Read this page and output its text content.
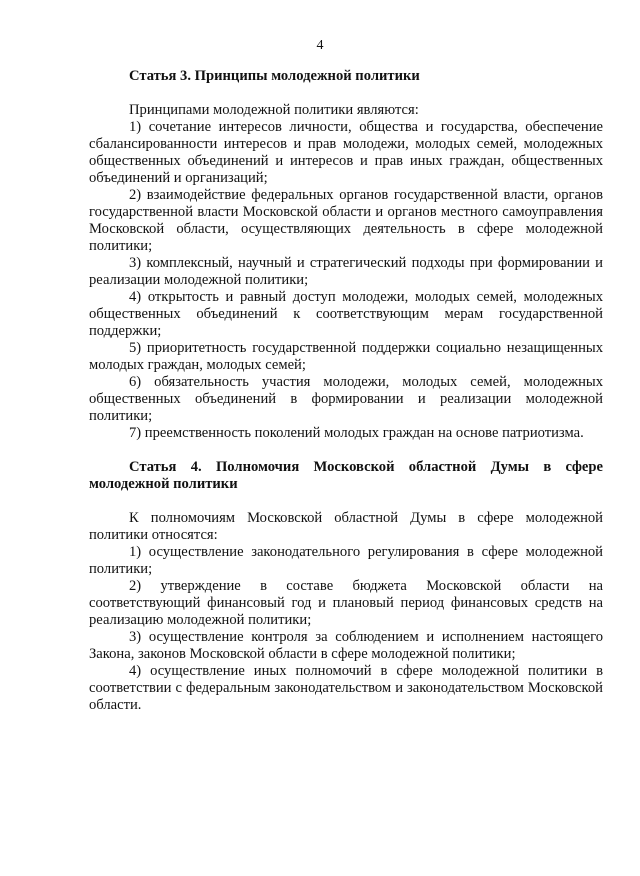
4

Статья 3. Принципы молодежной политики

Принципами молодежной политики являются:

1) сочетание интересов личности, общества и государства, обеспечение сбалансированности интересов и прав молодежи, молодых семей, молодежных общественных объединений и интересов и прав иных граждан, общественных объединений и организаций;

2) взаимодействие федеральных органов государственной власти, органов государственной власти Московской области и органов местного самоуправления Московской области, осуществляющих деятельность в сфере молодежной политики;

3) комплексный, научный и стратегический подходы при формировании и реализации молодежной политики;

4) открытость и равный доступ молодежи, молодых семей, молодежных общественных объединений к соответствующим мерам государственной поддержки;

5) приоритетность государственной поддержки социально незащищенных молодых граждан, молодых семей;

6) обязательность участия молодежи, молодых семей, молодежных общественных объединений в формировании и реализации молодежной политики;

7) преемственность поколений молодых граждан на основе патриотизма.

Статья 4. Полномочия Московской областной Думы в сфере молодежной политики

К полномочиям Московской областной Думы в сфере молодежной политики относятся:

1) осуществление законодательного регулирования в сфере молодежной политики;

2) утверждение в составе бюджета Московской области на соответствующий финансовый год и плановый период финансовых средств на реализацию молодежной политики;

3) осуществление контроля за соблюдением и исполнением настоящего Закона, законов Московской области в сфере молодежной политики;

4) осуществление иных полномочий в сфере молодежной политики в соответствии с федеральным законодательством и законодательством Московской области.
